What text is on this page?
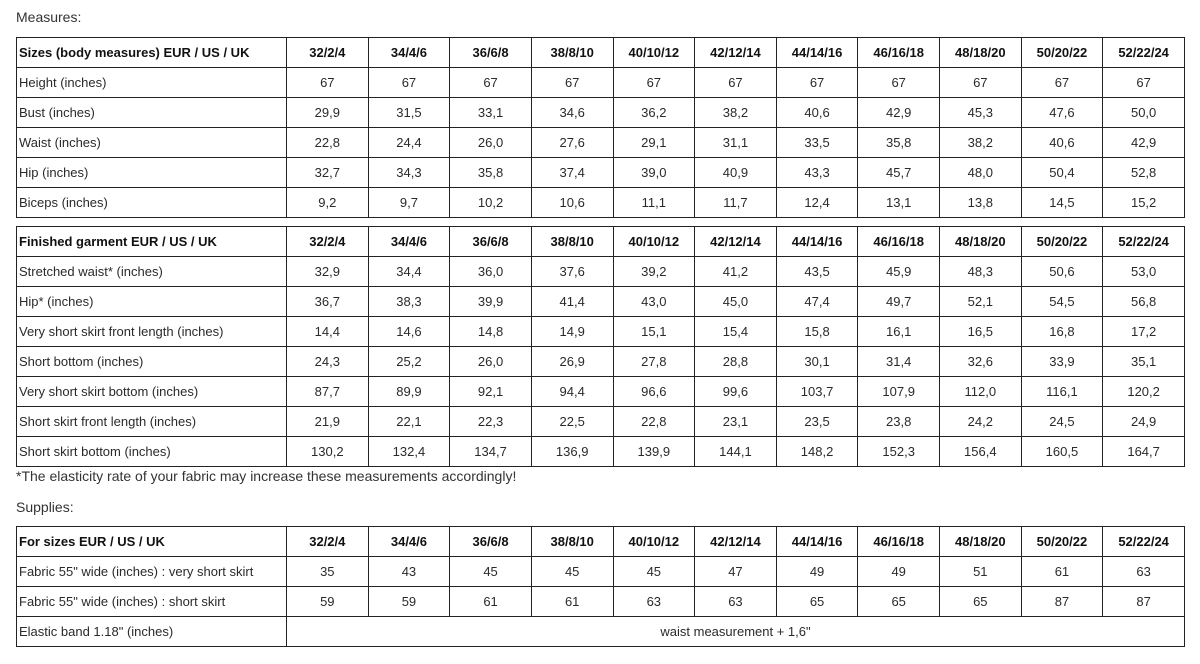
Measures:
Sizes (body measures) EUR / US / UK	32/2/4	34/4/6	36/6/8	38/8/10	40/10/12	42/12/14	44/14/16	46/16/18	48/18/20	50/20/22	52/22/24
Height (inches)	67	67	67	67	67	67	67	67	67	67	67
Bust (inches)	29,9	31,5	33,1	34,6	36,2	38,2	40,6	42,9	45,3	47,6	50,0
Waist (inches)	22,8	24,4	26,0	27,6	29,1	31,1	33,5	35,8	38,2	40,6	42,9
Hip (inches)	32,7	34,3	35,8	37,4	39,0	40,9	43,3	45,7	48,0	50,4	52,8
Biceps (inches)	9,2	9,7	10,2	10,6	11,1	11,7	12,4	13,1	13,8	14,5	15,2
Finished garment EUR / US / UK	32/2/4	34/4/6	36/6/8	38/8/10	40/10/12	42/12/14	44/14/16	46/16/18	48/18/20	50/20/22	52/22/24
Stretched waist* (inches)	32,9	34,4	36,0	37,6	39,2	41,2	43,5	45,9	48,3	50,6	53,0
Hip* (inches)	36,7	38,3	39,9	41,4	43,0	45,0	47,4	49,7	52,1	54,5	56,8
Very short skirt front length (inches)	14,4	14,6	14,8	14,9	15,1	15,4	15,8	16,1	16,5	16,8	17,2
Short bottom (inches)	24,3	25,2	26,0	26,9	27,8	28,8	30,1	31,4	32,6	33,9	35,1
Very short skirt bottom (inches)	87,7	89,9	92,1	94,4	96,6	99,6	103,7	107,9	112,0	116,1	120,2
Short skirt front length (inches)	21,9	22,1	22,3	22,5	22,8	23,1	23,5	23,8	24,2	24,5	24,9
Short skirt bottom (inches)	130,2	132,4	134,7	136,9	139,9	144,1	148,2	152,3	156,4	160,5	164,7
*The elasticity rate of your fabric may increase these measurements accordingly!
Supplies:
For sizes EUR / US / UK	32/2/4	34/4/6	36/6/8	38/8/10	40/10/12	42/12/14	44/14/16	46/16/18	48/18/20	50/20/22	52/22/24
Fabric 55" wide (inches) : very short skirt	35	43	45	45	45	47	49	49	51	61	63
Fabric 55" wide (inches) : short skirt	59	59	61	61	63	63	65	65	65	87	87
Elastic band 1.18" (inches)	waist measurement + 1,6"										
